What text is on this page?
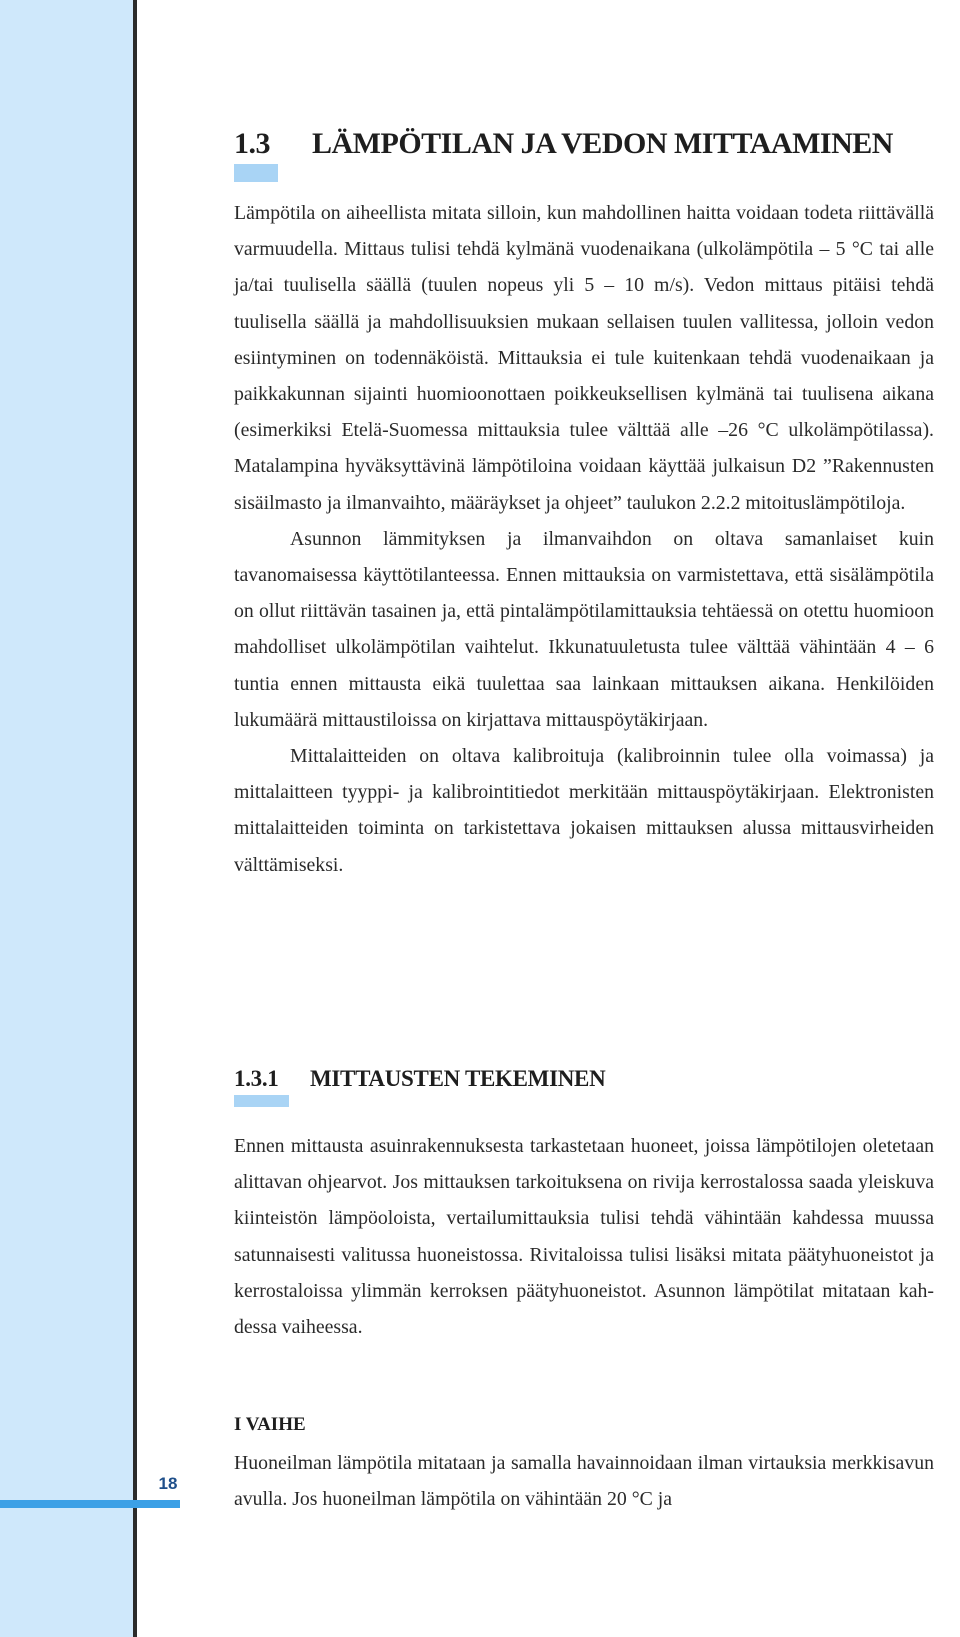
18
1.3 LÄMPÖTILAN JA VEDON MITTAAMINEN

Lämpötila on aiheellista mitata silloin, kun mahdollinen haitta voidaan todeta riittävällä varmuudella. Mittaus tulisi tehdä kylmänä vuodenaikana (ulkolämpötila – 5 °C tai alle ja/tai tuulisella säällä (tuulen nopeus yli 5 – 10 m/s). Vedon mittaus pitäisi tehdä tuulisella säällä ja mahdollisuuksien mukaan sellaisen tuulen vallitessa, jolloin vedon esiintyminen on todennäköistä. Mittauksia ei tule kuitenkaan tehdä vuodenaikaan ja paikkakunnan sijainti huomioonottaen poikkeuksellisen kylmänä tai tuulisena aikana (esimerkiksi Etelä-Suomessa mittauksia tulee välttää alle –26 °C ulkolämpötilassa). Matalampina hyväksyttävinä lämpötiloina voidaan käyttää julkaisun D2 ”Rakennusten sisäilmasto ja ilmanvaihto, määräykset ja ohjeet” taulukon 2.2.2 mitoituslämpötiloja.

Asunnon lämmityksen ja ilmanvaihdon on oltava samanlaiset kuin tavanomaisessa käyttötilanteessa. Ennen mittauksia on varmistettava, että sisälämpötila on ollut riittävän tasainen ja, että pintalämpötilamittauksia tehtäessä on otettu huomioon mahdolliset ulkolämpötilan vaihtelut. Ikkunatuuletusta tulee välttää vähintään 4 – 6 tuntia ennen mittausta eikä tuulettaa saa lainkaan mittauksen aikana. Henkilöiden lukumäärä mittaustiloissa on kirjattava mittauspöytäkirjaan.

Mittalaitteiden on oltava kalibroituja (kalibroinnin tulee olla voimassa) ja mittalaitteen tyyppi- ja kalibrointitiedot merkitään mittauspöytäkirjaan. Elektronisten mittalaitteiden toiminta on tarkistettava jokaisen mittauksen alussa mittausvirheiden välttämiseksi.

1.3.1 MITTAUSTEN TEKEMINEN

Ennen mittausta asuinrakennuksesta tarkastetaan huoneet, joissa lämpötilojen oletetaan alittavan ohjearvot. Jos mittauksen tarkoituksena on rivija kerrostalossa saada yleiskuva kiinteistön lämpöoloista, vertailumittauksia tulisi tehdä vähintään kahdessa muussa satunnaisesti valitussa huoneistossa. Rivitaloissa tulisi lisäksi mitata päätyhuoneistot ja kerrostaloissa ylimmän kerroksen päätyhuoneistot. Asunnon lämpötilat mitataan kahdessa vaiheessa.

I VAIHE

Huoneilman lämpötila mitataan ja samalla havainnoidaan ilman virtauksia merkkisavun avulla. Jos huoneilman lämpötila on vähintään 20 °C ja
